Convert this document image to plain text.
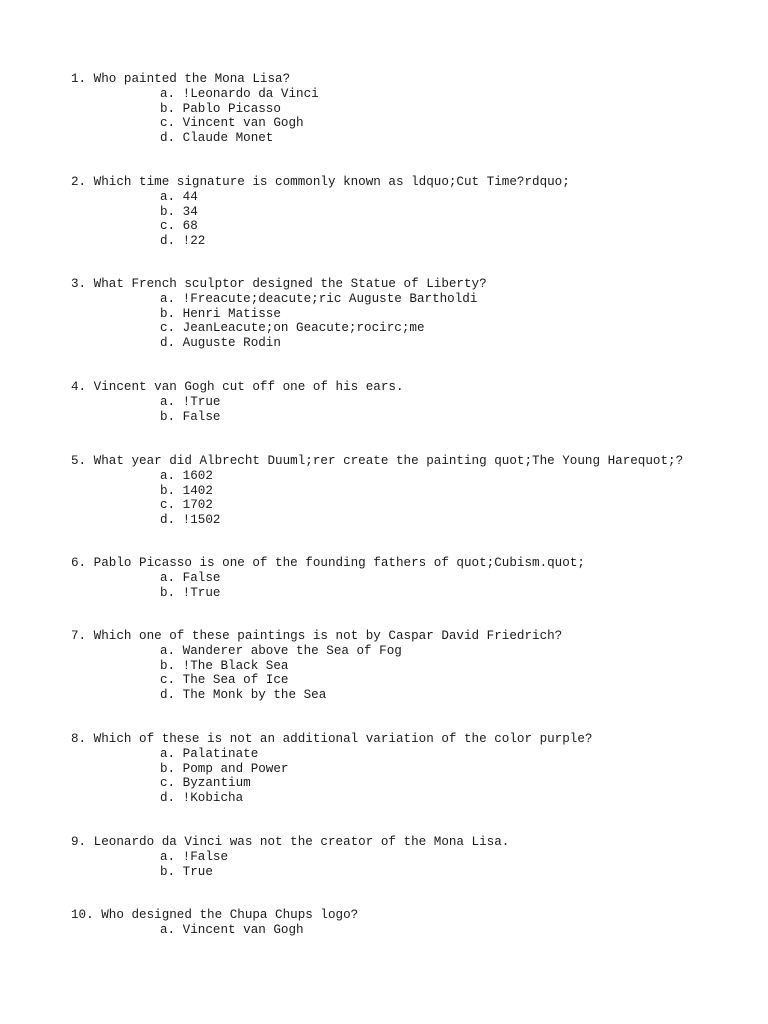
1. Who painted the Mona Lisa?
a. !Leonardo da Vinci
b. Pablo Picasso
c. Vincent van Gogh
d. Claude Monet
2. Which time signature is commonly known as ldquo;Cut Time?rdquo;
a. 44
b. 34
c. 68
d. !22
3. What French sculptor designed the Statue of Liberty?
a. !Freacute;deacute;ric Auguste Bartholdi
b. Henri Matisse
c. JeanLeacute;on Geacute;rocirc;me
d. Auguste Rodin
4. Vincent van Gogh cut off one of his ears.
a. !True
b. False
5. What year did Albrecht Duuml;rer create the painting quot;The Young Harequot;?
a. 1602
b. 1402
c. 1702
d. !1502
6. Pablo Picasso is one of the founding fathers of quot;Cubism.quot;
a. False
b. !True
7. Which one of these paintings is not by Caspar David Friedrich?
a. Wanderer above the Sea of Fog
b. !The Black Sea
c. The Sea of Ice
d. The Monk by the Sea
8. Which of these is not an additional variation of the color purple?
a. Palatinate
b. Pomp and Power
c. Byzantium
d. !Kobicha
9. Leonardo da Vinci was not the creator of the Mona Lisa.
a. !False
b. True
10. Who designed the Chupa Chups logo?
a. Vincent van Gogh
